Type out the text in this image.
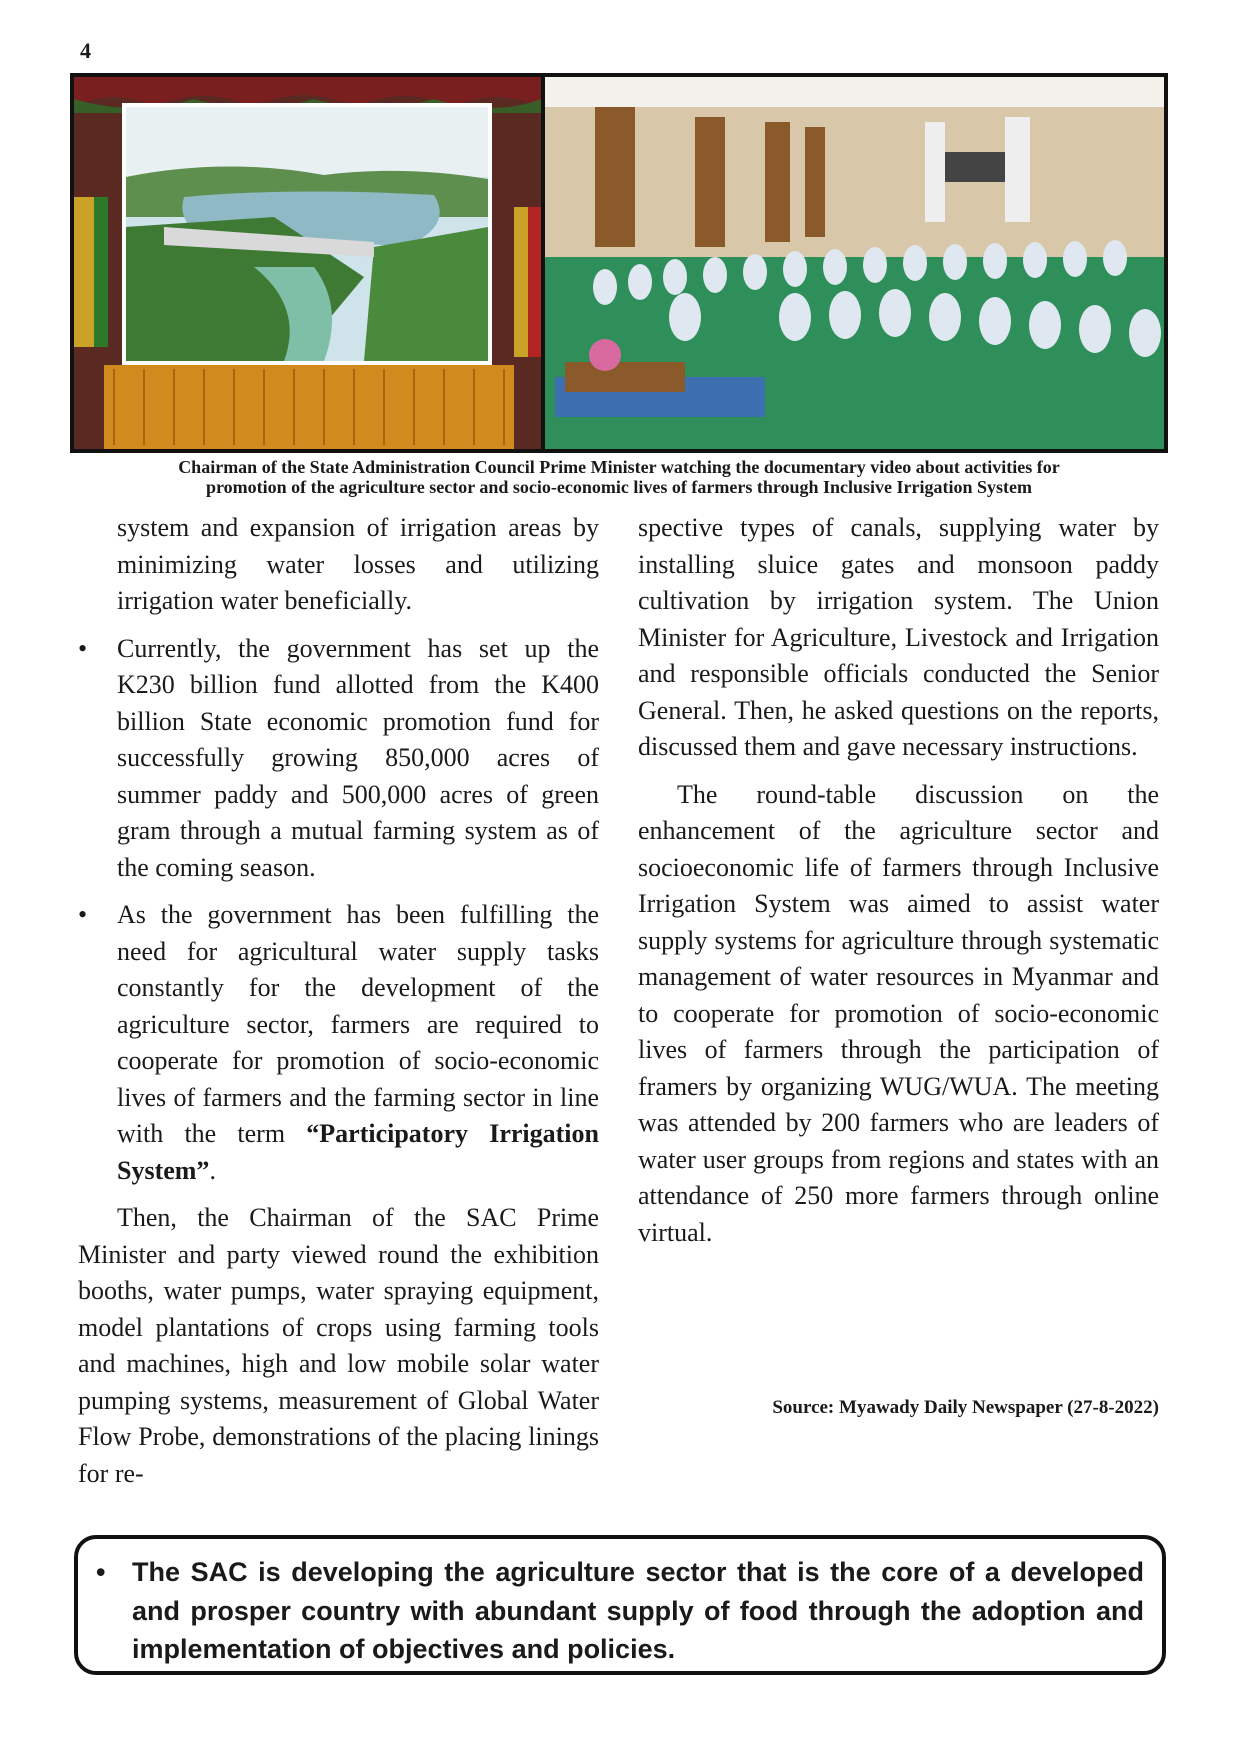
4
Chairman of the State Administration Council Prime Minister watching the documentary video about activities for
promotion of the agriculture sector and socio-economic lives of farmers through Inclusive Irrigation System

system and expansion of irrigation areas by minimizing water losses and utilizing irrigation water beneficially.

• Currently, the government has set up the K230 billion fund allotted from the K400 billion State economic promotion fund for successfully growing 850,000 acres of summer paddy and 500,000 acres of green gram through a mutual farming system as of the coming season.

• As the government has been fulfilling the need for agricultural water supply tasks constantly for the development of the agriculture sector, farmers are required to cooperate for promotion of socio-economic lives of farmers and the farming sector in line with the term “Participatory Irrigation System”.

Then, the Chairman of the SAC Prime Minister and party viewed round the exhibition booths, water pumps, water spraying equipment, model plantations of crops using farming tools and machines, high and low mobile solar water pumping systems, measurement of Global Water Flow Probe, demonstrations of the placing linings for re-

spective types of canals, supplying water by installing sluice gates and monsoon paddy cultivation by irrigation system. The Union Minister for Agriculture, Livestock and Irrigation and responsible officials conducted the Senior General. Then, he asked questions on the reports, discussed them and gave necessary instructions.

The round-table discussion on the enhancement of the agriculture sector and socioeconomic life of farmers through Inclusive Irrigation System was aimed to assist water supply systems for agriculture through systematic management of water resources in Myanmar and to cooperate for promotion of socio-economic lives of farmers through the participation of framers by organizing WUG/WUA. The meeting was attended by 200 farmers who are leaders of water user groups from regions and states with an attendance of 250 more farmers through online virtual.

Source: Myawady Daily Newspaper (27-8-2022)
• The SAC is developing the agriculture sector that is the core of a developed and prosper country with abundant supply of food through the adoption and implementation of objectives and policies.
